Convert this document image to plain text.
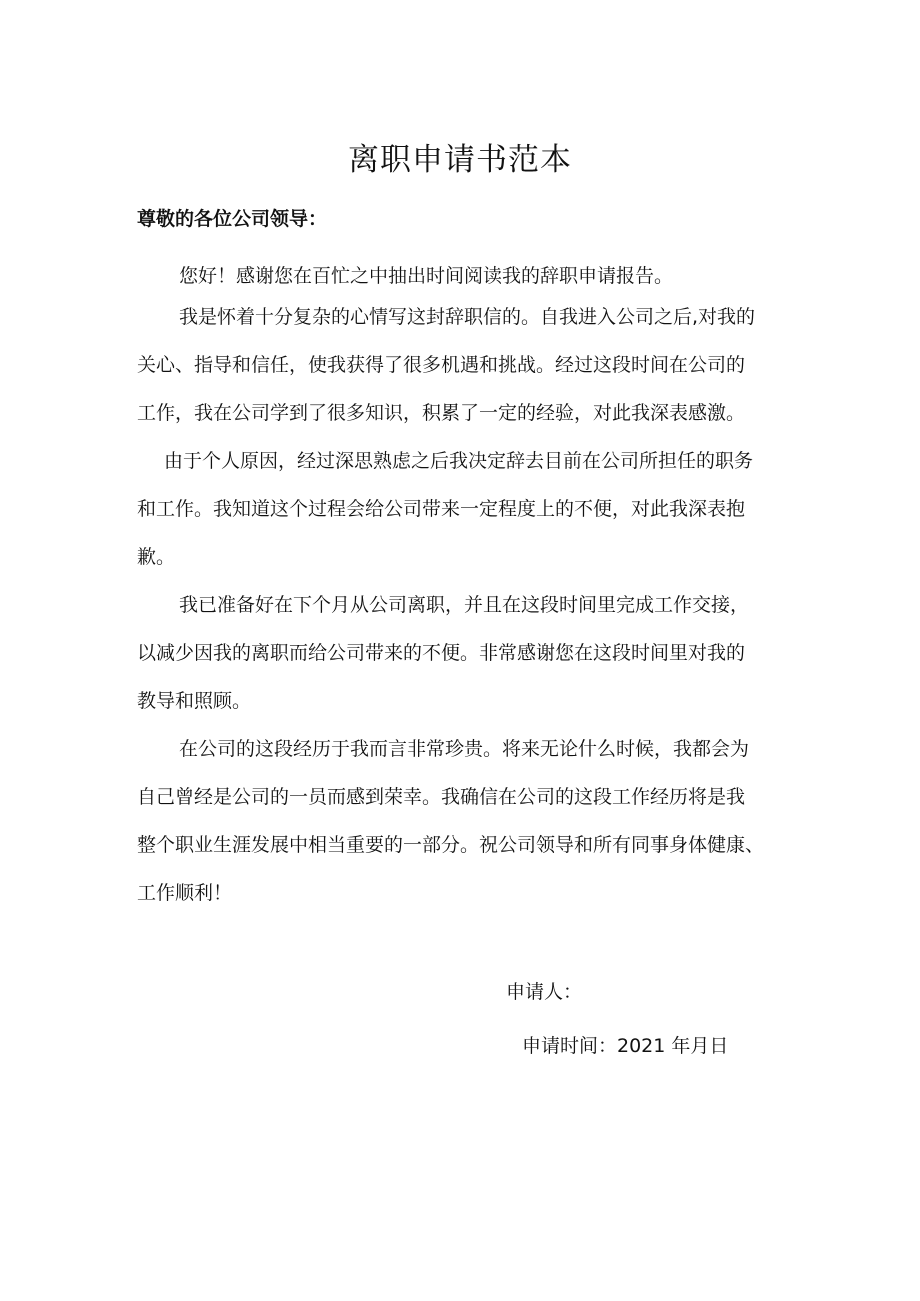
离职申请书范本

尊敬的各位公司领导：

您好！感谢您在百忙之中抽出时间阅读我的辞职申请报告。

我是怀着十分复杂的心情写这封辞职信的。自我进入公司之后,对我的
关心、指导和信任，使我获得了很多机遇和挑战。经过这段时间在公司的
工作，我在公司学到了很多知识，积累了一定的经验，对此我深表感激。

由于个人原因，经过深思熟虑之后我决定辞去目前在公司所担任的职务
和工作。我知道这个过程会给公司带来一定程度上的不便，对此我深表抱
歉。

我已准备好在下个月从公司离职，并且在这段时间里完成工作交接，
以减少因我的离职而给公司带来的不便。非常感谢您在这段时间里对我的
教导和照顾。

在公司的这段经历于我而言非常珍贵。将来无论什么时候，我都会为
自己曾经是公司的一员而感到荣幸。我确信在公司的这段工作经历将是我
整个职业生涯发展中相当重要的一部分。祝公司领导和所有同事身体健康、
工作顺利！

申请人：

申请时间：2021 年月日
